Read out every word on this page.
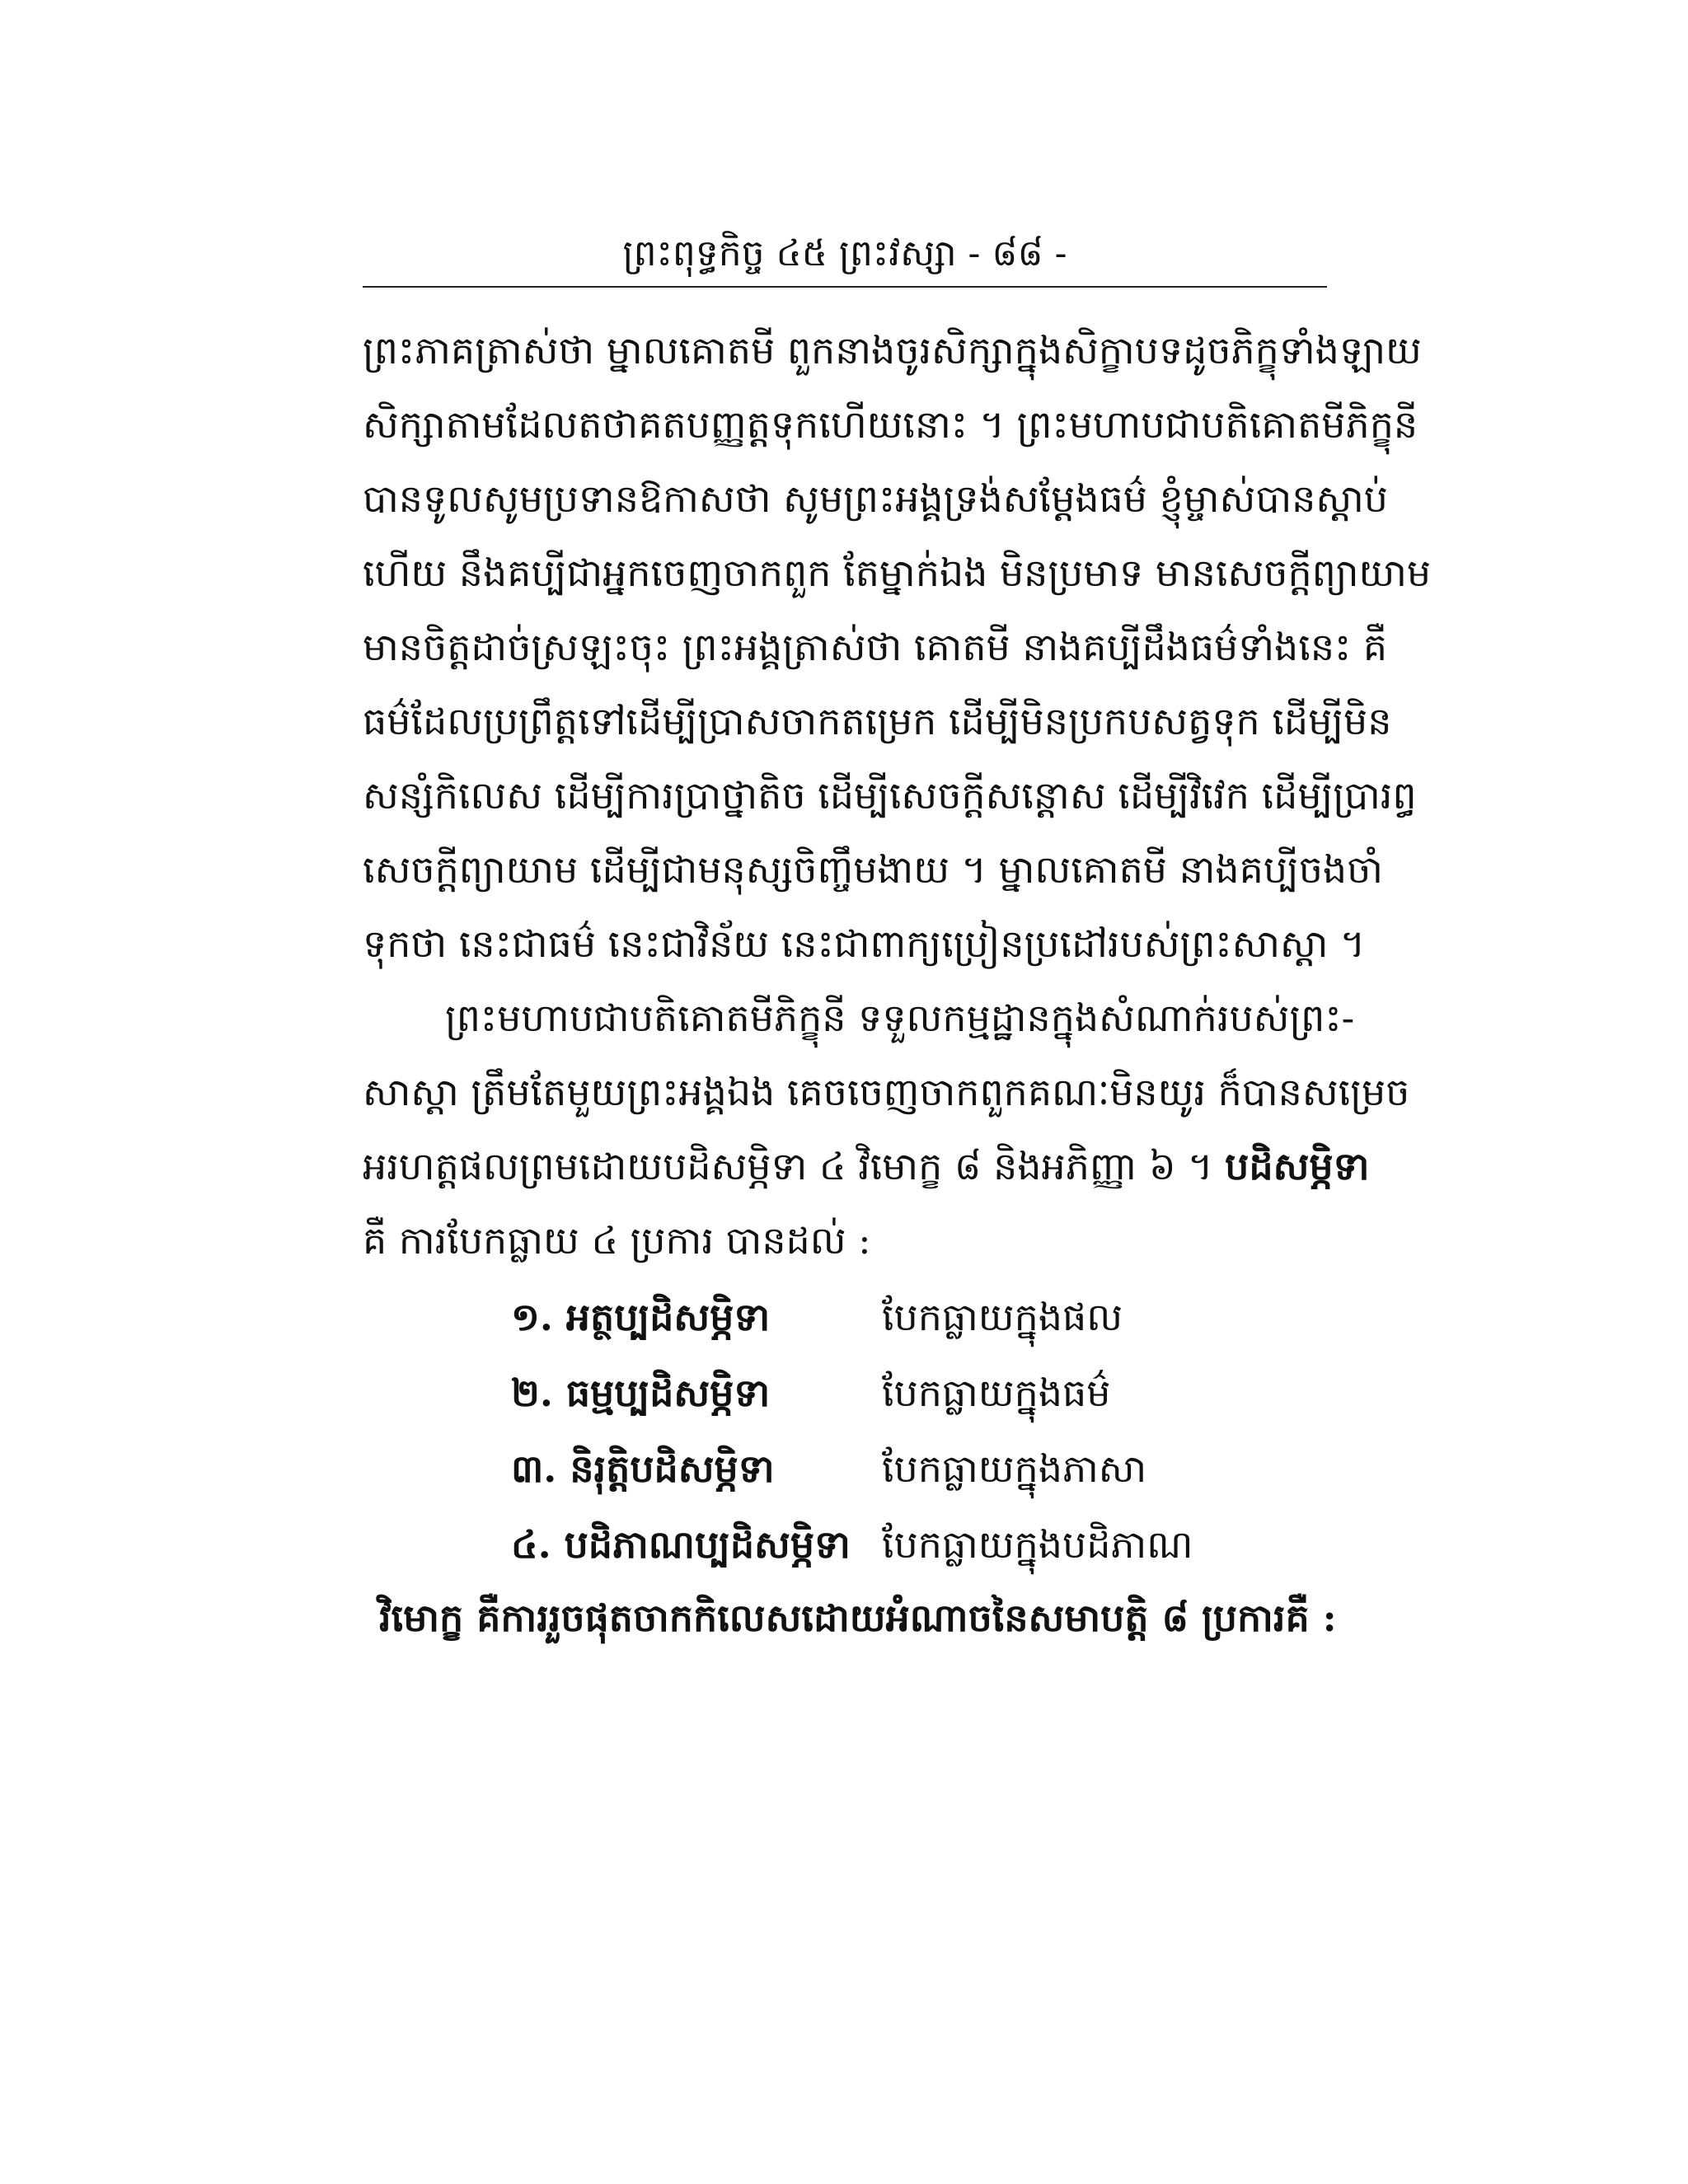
ព្រះពុទ្ធកិច្ច ៤៥ ព្រះវស្សា - ៨៨ -
ព្រះភាគត្រាស់ថា ម្នាលគោតមី ពួកនាងចូរសិក្សាក្នុងសិក្ខាបទដូចភិក្ខុទាំងឡាយ
សិក្សាតាមដែលតថាគតបញ្ញត្តទុកហើយនោះ ។ ព្រះមហាបជាបតិគោតមីភិក្ខុនី
បានទូលសូមប្រទានឱកាសថា សូមព្រះអង្គទ្រង់សម្ដែងធម៌ ខ្ញុំម្ចាស់បានស្ដាប់
ហើយ នឹងគប្បីជាអ្នកចេញចាកពួក តែម្នាក់ឯង មិនប្រមាទ មានសេចក្ដីព្យាយាម
មានចិត្តដាច់ស្រឡះចុះ ព្រះអង្គត្រាស់ថា គោតមី នាងគប្បីដឹងធម៌ទាំងនេះ គឺ
ធម៌ដែលប្រព្រឹត្តទៅដើម្បីប្រាសចាកតម្រេក ដើម្បីមិនប្រកបសត្វទុក ដើម្បីមិន
សន្សំកិលេស ដើម្បីការប្រាថ្នាតិច ដើម្បីសេចក្ដីសន្ដោស ដើម្បីវិវេក ដើម្បីប្រារព្ធ
សេចក្ដីព្យាយាម ដើម្បីជាមនុស្សចិញ្ចឹមងាយ ។ ម្នាលគោតមី នាងគប្បីចងចាំ
ទុកថា នេះជាធម៌ នេះជាវិន័យ នេះជាពាក្យប្រៀនប្រដៅរបស់ព្រះសាស្ដា ។
ព្រះមហាបជាបតិគោតមីភិក្ខុនី ទទួលកម្មដ្ឋានក្នុងសំណាក់របស់ព្រះ-
សាស្ដា ត្រឹមតែមួយព្រះអង្គឯង គេចចេញចាកពួកគណៈមិនយូរ ក៏បានសម្រេច
អរហត្តផលព្រមដោយបដិសម្ភិទា ៤ វិមោក្ខ ៨ និងអភិញ្ញា ៦ ។ បដិសម្ភិទា
គឺ ការបែកធ្លាយ ៤ ប្រការ បានដល់ :
១. អត្ថប្បដិសម្ភិទា	បែកធ្លាយក្នុងផល
២. ធម្មប្បដិសម្ភិទា	បែកធ្លាយក្នុងធម៌
៣. និរុត្តិបដិសម្ភិទា	បែកធ្លាយក្នុងភាសា
៤. បដិភាណប្បដិសម្ភិទា បែកធ្លាយក្នុងបដិភាណ
វិមោក្ខ គឺការរួចផុតចាកកិលេសដោយអំណាចនៃសមាបត្តិ ៨ ប្រការគឺ :
